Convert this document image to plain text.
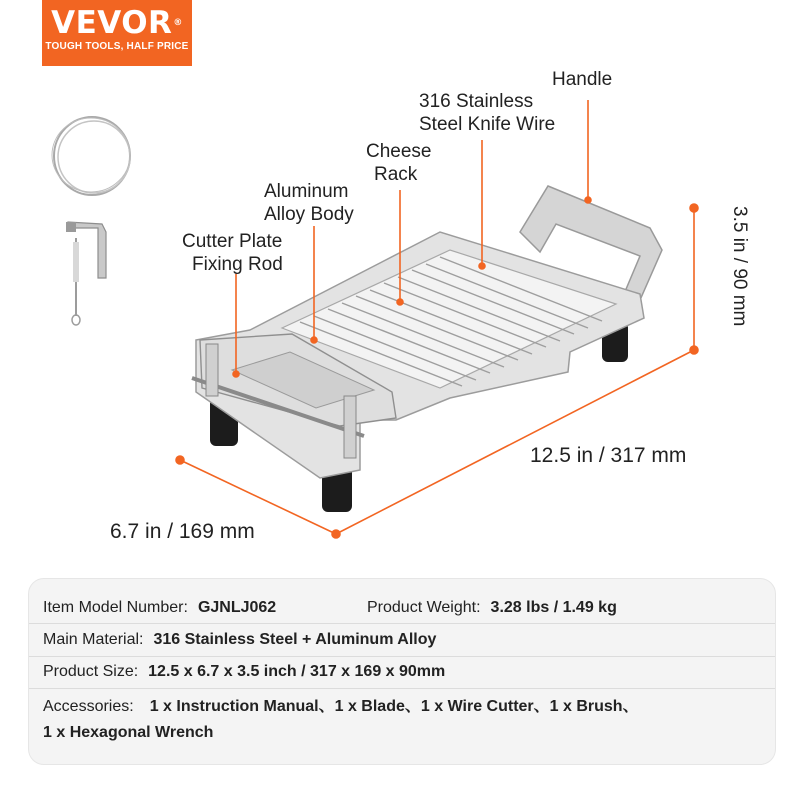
VEVOR®
TOUGH TOOLS, HALF PRICE
Handle
316 Stainless
Steel Knife Wire
Cheese
Rack
Aluminum
Alloy Body
Cutter Plate
Fixing Rod
12.5 in / 317 mm
6.7 in / 169 mm
3.5 in / 90 mm
Item Model Number: GJNLJ062	Product Weight: 3.28 lbs / 1.49 kg
Main Material: 316 Stainless Steel + Aluminum Alloy
Product Size: 12.5 x 6.7 x 3.5 inch / 317 x 169 x 90mm
Accessories: 1 x Instruction Manual、1 x Blade、1 x Wire Cutter、1 x Brush、
1 x Hexagonal Wrench
